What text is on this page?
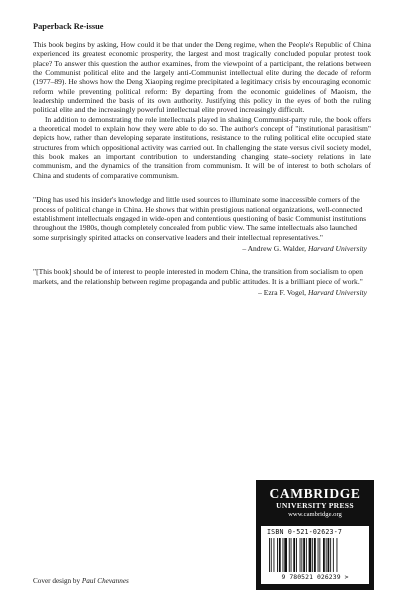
Paperback Re-issue

This book begins by asking, How could it be that under the Deng regime, when the People's Republic of China experienced its greatest economic prosperity, the largest and most tragically concluded popular protest took place? To answer this question the author examines, from the viewpoint of a participant, the relations between the Communist political elite and the largely anti-Communist intellectual elite during the decade of reform (1977–89). He shows how the Deng Xiaoping regime precipitated a legitimacy crisis by encouraging economic reform while preventing political reform: By departing from the economic guidelines of Maoism, the leadership undermined the basis of its own authority. Justifying this policy in the eyes of both the ruling political elite and the increasingly powerful intellectual elite proved increasingly difficult.

In addition to demonstrating the role intellectuals played in shaking Communist-party rule, the book offers a theoretical model to explain how they were able to do so. The author's concept of "institutional parasitism" depicts how, rather than developing separate institutions, resistance to the ruling political elite occupied state structures from which oppositional activity was carried out. In challenging the state versus civil society model, this book makes an important contribution to understanding changing state–society relations in late communism, and the dynamics of the transition from communism. It will be of interest to both scholars of China and students of comparative communism.

"Ding has used his insider's knowledge and little used sources to illuminate some inaccessible corners of the process of political change in China. He shows that within prestigious national organizations, well-connected establishment intellectuals engaged in wide-open and contentious questioning of basic Communist institutions throughout the 1980s, though completely concealed from public view. The same intellectuals also launched some surprisingly spirited attacks on conservative leaders and their intellectual representatives."

– Andrew G. Walder, Harvard University

"[This book] should be of interest to people interested in modern China, the transition from socialism to open markets, and the relationship between regime propaganda and public attitudes. It is a brilliant piece of work."

– Ezra F. Vogel, Harvard University
CAMBRIDGE
UNIVERSITY PRESS
www.cambridge.org
ISBN 0-521-02623-7
9 780521 026239 >
Cover design by Paul Chevannes
